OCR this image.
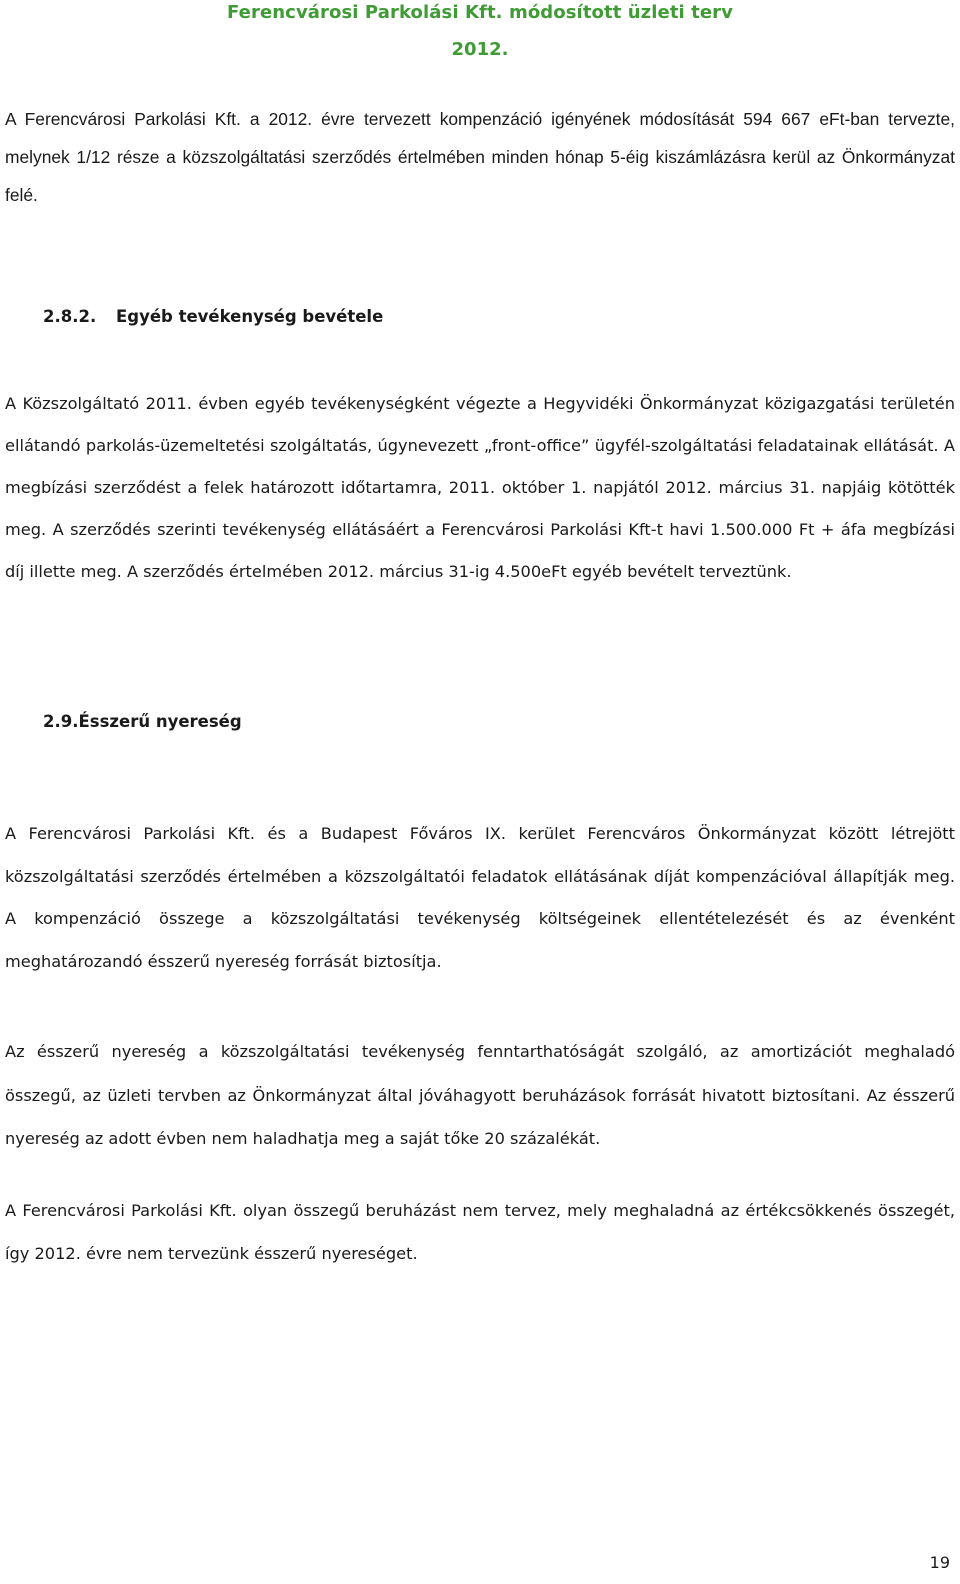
Ferencvárosi Parkolási Kft. módosított üzleti terv
2012.

A Ferencvárosi Parkolási Kft. a 2012. évre tervezett kompenzáció igényének módosítását 594 667 eFt-ban tervezte, melynek 1/12 része a közszolgáltatási szerződés értelmében minden hónap 5-éig kiszámlázásra kerül az Önkormányzat felé.

2.8.2. Egyéb tevékenység bevétele

A Közszolgáltató 2011. évben egyéb tevékenységként végezte a Hegyvidéki Önkormányzat közigazgatási területén ellátandó parkolás-üzemeltetési szolgáltatás, úgynevezett „front-office” ügyfél-szolgáltatási feladatainak ellátását. A megbízási szerződést a felek határozott időtartamra, 2011. október 1. napjától 2012. március 31. napjáig kötötték meg. A szerződés szerinti tevékenység ellátásáért a Ferencvárosi Parkolási Kft-t havi 1.500.000 Ft + áfa megbízási díj illette meg. A szerződés értelmében 2012. március 31-ig 4.500eFt egyéb bevételt terveztünk.

2.9.Ésszerű nyereség

A Ferencvárosi Parkolási Kft. és a Budapest Főváros IX. kerület Ferencváros Önkormányzat között létrejött közszolgáltatási szerződés értelmében a közszolgáltatói feladatok ellátásának díját kompenzációval állapítják meg. A kompenzáció összege a közszolgáltatási tevékenység költségeinek ellentételezését és az évenként meghatározandó ésszerű nyereség forrását biztosítja.

Az ésszerű nyereség a közszolgáltatási tevékenység fenntarthatóságát szolgáló, az amortizációt meghaladó összegű, az üzleti tervben az Önkormányzat által jóváhagyott beruházások forrását hivatott biztosítani. Az ésszerű nyereség az adott évben nem haladhatja meg a saját tőke 20 százalékát.

A Ferencvárosi Parkolási Kft. olyan összegű beruházást nem tervez, mely meghaladná az értékcsökkenés összegét, így 2012. évre nem tervezünk ésszerű nyereséget.

19
